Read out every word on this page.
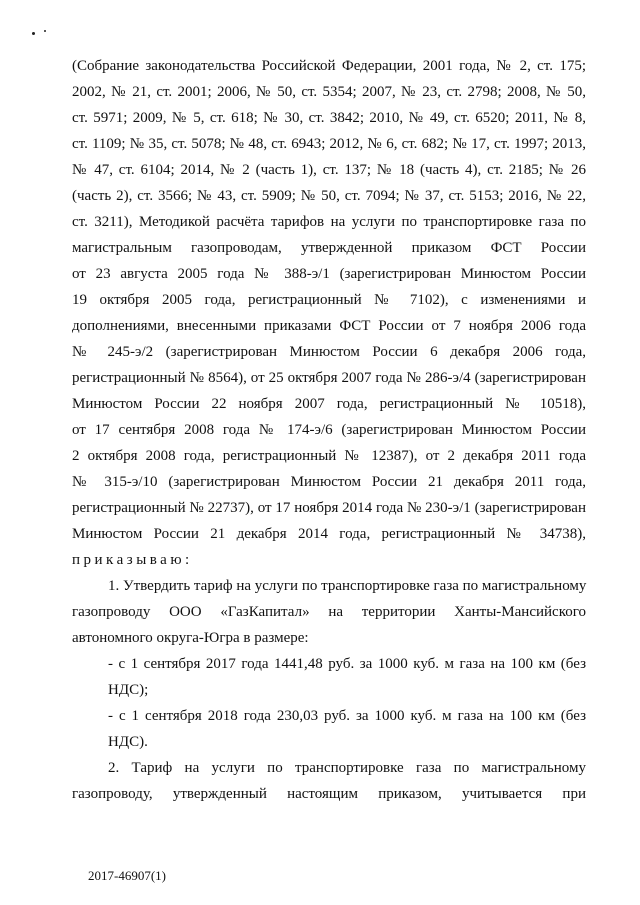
(Собрание законодательства Российской Федерации, 2001 года, № 2, ст. 175;

2002, № 21, ст. 2001; 2006, № 50, ст. 5354; 2007, № 23, ст. 2798; 2008, № 50,

ст. 5971; 2009, № 5, ст. 618; № 30, ст. 3842; 2010, № 49, ст. 6520; 2011, № 8,

ст. 1109; № 35, ст. 5078; № 48, ст. 6943; 2012, № 6, ст. 682; № 17, ст. 1997; 2013,

№ 47, ст. 6104; 2014, № 2 (часть 1), ст. 137; № 18 (часть 4), ст. 2185; № 26

(часть 2), ст. 3566; № 43, ст. 5909; № 50, ст. 7094; № 37, ст. 5153; 2016, № 22,

ст. 3211), Методикой расчёта тарифов на услуги по транспортировке газа по

магистральным газопроводам, утвержденной приказом ФСТ России

от 23 августа 2005 года № 388-э/1 (зарегистрирован Минюстом России

19 октября 2005 года, регистрационный № 7102), с изменениями и

дополнениями, внесенными приказами ФСТ России от 7 ноября 2006 года

№ 245-э/2 (зарегистрирован Минюстом России 6 декабря 2006 года,

регистрационный № 8564), от 25 октября 2007 года № 286-э/4 (зарегистрирован

Минюстом России 22 ноября 2007 года, регистрационный № 10518),

от 17 сентября 2008 года № 174-э/6 (зарегистрирован Минюстом России

2 октября 2008 года, регистрационный № 12387), от 2 декабря 2011 года

№ 315-э/10 (зарегистрирован Минюстом России 21 декабря 2011 года,

регистрационный № 22737), от 17 ноября 2014 года № 230-э/1 (зарегистрирован

Минюстом России 21 декабря 2014 года, регистрационный № 34738),

приказываю:

1. Утвердить тариф на услуги по транспортировке газа по магистральному

газопроводу ООО «ГазКапитал» на территории Ханты-Мансийского

автономного округа-Югра в размере:

- с 1 сентября 2017 года 1441,48 руб. за 1000 куб. м газа на 100 км (без

НДС);

- с 1 сентября 2018 года 230,03 руб. за 1000 куб. м газа на 100 км (без

НДС).

2. Тариф на услуги по транспортировке газа по магистральному

газопроводу, утвержденный настоящим приказом, учитывается при

2017-46907(1)
